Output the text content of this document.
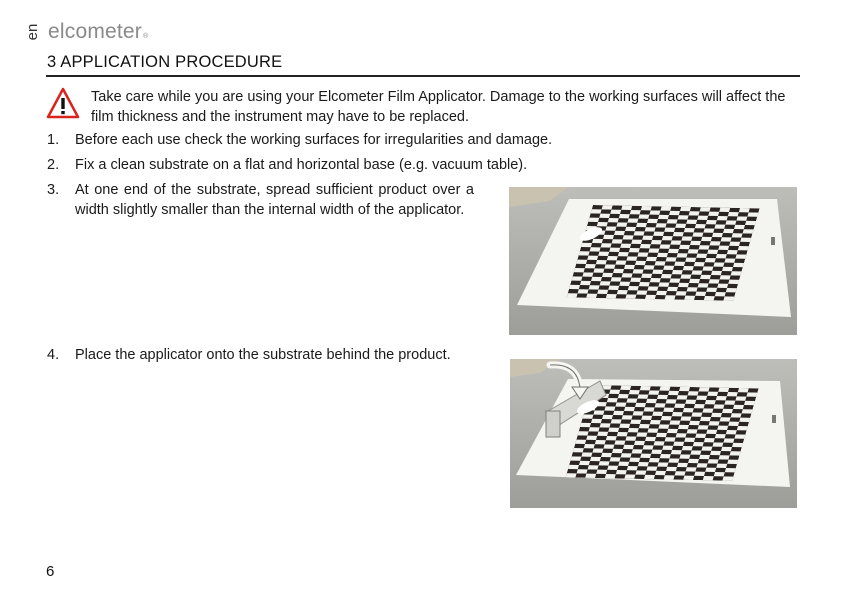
en elcometer®
3 APPLICATION PROCEDURE
Take care while you are using your Elcometer Film Applicator. Damage to the working surfaces will affect the film thickness and the instrument may have to be replaced.
1. Before each use check the working surfaces for irregularities and damage.
2. Fix a clean substrate on a flat and horizontal base (e.g. vacuum table).
3. At one end of the substrate, spread sufficient product over a width slightly smaller than the internal width of the applicator.
4. Place the applicator onto the substrate behind the product.
6
